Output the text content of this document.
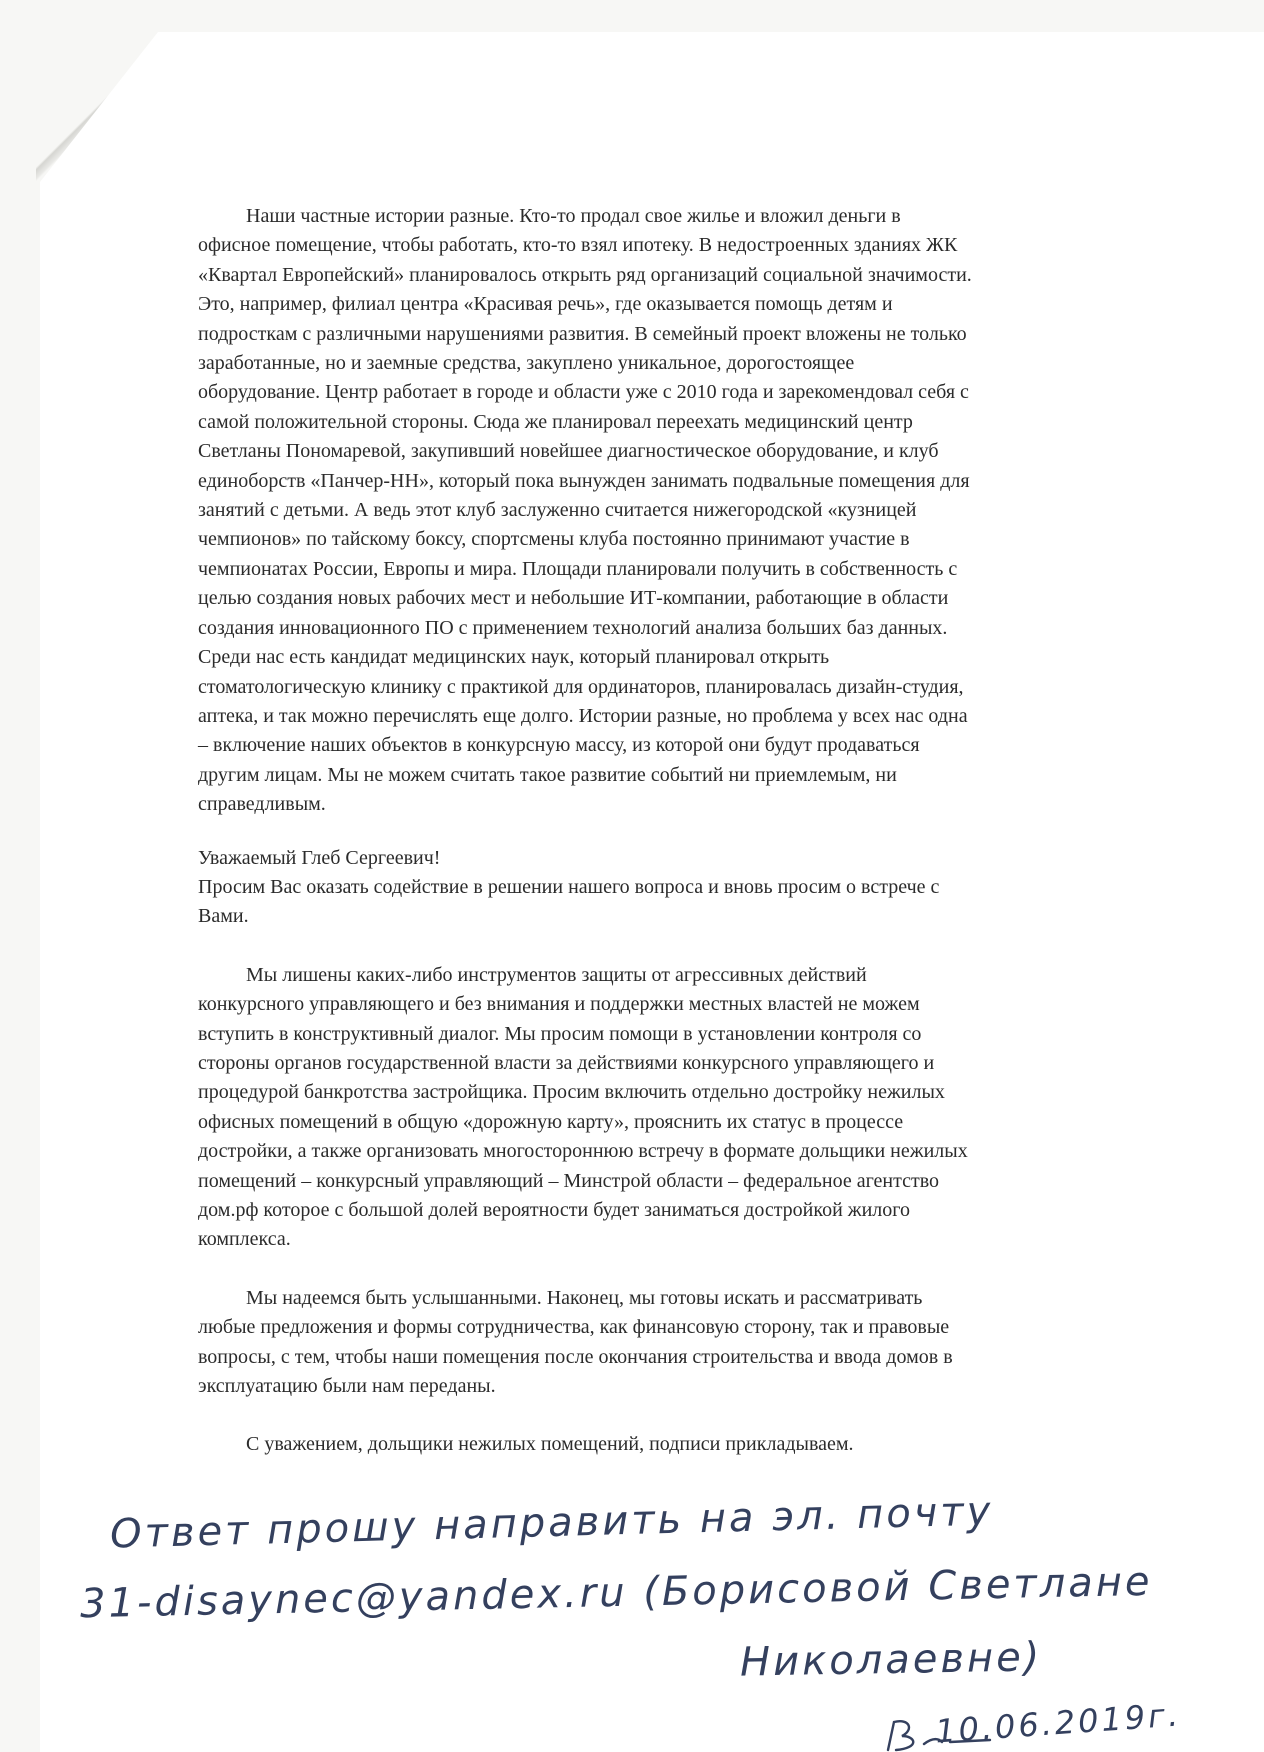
Наши частные истории разные. Кто-то продал свое жилье и вложил деньги в
офисное помещение, чтобы работать, кто-то взял ипотеку. В недостроенных зданиях ЖК
«Квартал Европейский» планировалось открыть ряд организаций социальной значимости.
Это, например, филиал центра «Красивая речь», где оказывается помощь детям и
подросткам с различными нарушениями развития. В семейный проект вложены не только
заработанные, но и заемные средства, закуплено уникальное, дорогостоящее
оборудование. Центр работает в городе и области уже с 2010 года и зарекомендовал себя с
самой положительной стороны. Сюда же планировал переехать медицинский центр
Светланы Пономаревой, закупивший новейшее диагностическое оборудование, и клуб
единоборств «Панчер-НН», который пока вынужден занимать подвальные помещения для
занятий с детьми. А ведь этот клуб заслуженно считается нижегородской «кузницей
чемпионов» по тайскому боксу, спортсмены клуба постоянно принимают участие в
чемпионатах России, Европы и мира. Площади планировали получить в собственность с
целью создания новых рабочих мест и небольшие ИТ-компании, работающие в области
создания инновационного ПО с применением технологий анализа больших баз данных.
Среди нас есть кандидат медицинских наук, который планировал открыть
стоматологическую клинику с практикой для ординаторов, планировалась дизайн-студия,
аптека, и так можно перечислять еще долго. Истории разные, но проблема у всех нас одна
– включение наших объектов в конкурсную массу, из которой они будут продаваться
другим лицам. Мы не можем считать такое развитие событий ни приемлемым, ни
справедливым.
Уважаемый Глеб Сергеевич!
Просим Вас оказать содействие в решении нашего вопроса и вновь просим о встрече с
Вами.
Мы лишены каких-либо инструментов защиты от агрессивных действий
конкурсного управляющего и без внимания и поддержки местных властей не можем
вступить в конструктивный диалог. Мы просим помощи в установлении контроля со
стороны органов государственной власти за действиями конкурсного управляющего и
процедурой банкротства застройщика. Просим включить отдельно достройку нежилых
офисных помещений в общую «дорожную карту», прояснить их статус в процессе
достройки, а также организовать многостороннюю встречу в формате дольщики нежилых
помещений – конкурсный управляющий – Минстрой области – федеральное агентство
дом.рф которое с большой долей вероятности будет заниматься достройкой жилого
комплекса.
Мы надеемся быть услышанными. Наконец, мы готовы искать и рассматривать
любые предложения и формы сотрудничества, как финансовую сторону, так и правовые
вопросы, с тем, чтобы наши помещения после окончания строительства и ввода домов в
эксплуатацию были нам переданы.
С уважением, дольщики нежилых помещений, подписи прикладываем.
Ответ прошу направить на эл. почту
31-disaynec@yandex.ru (Борисовой Светлане
Николаевне)
10.06.2019г.
